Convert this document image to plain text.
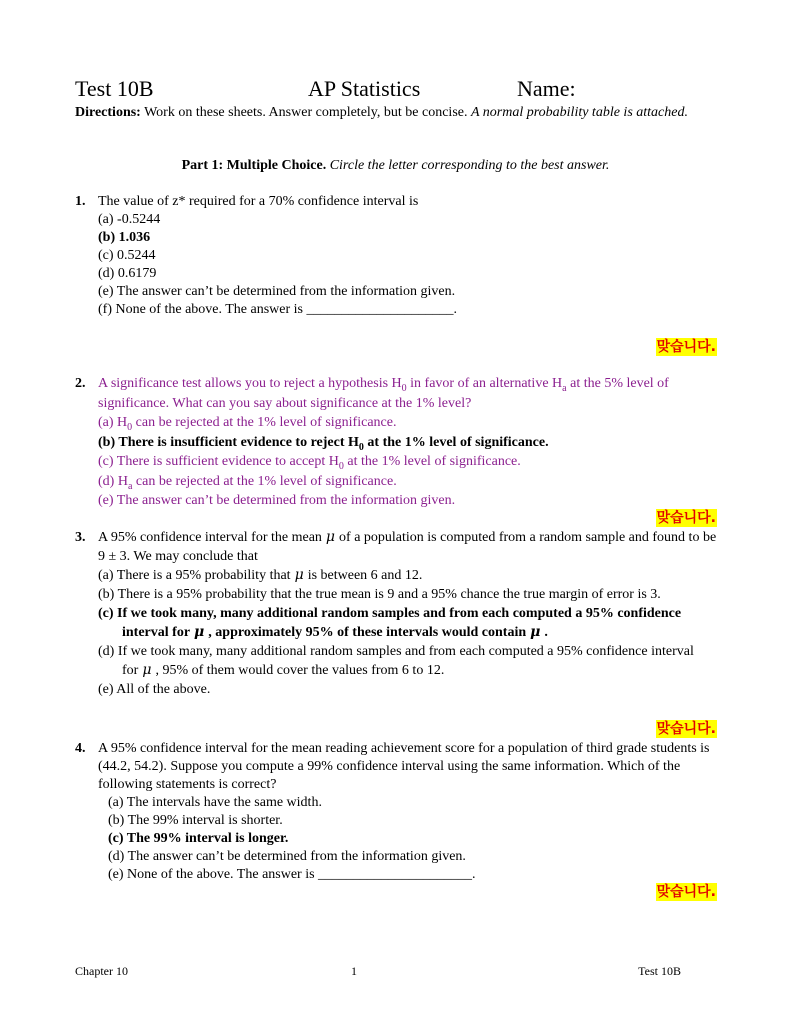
Test 10B	AP Statistics	Name:
Directions: Work on these sheets. Answer completely, but be concise. A normal probability table is attached.
Part 1: Multiple Choice. Circle the letter corresponding to the best answer.
1. The value of z* required for a 70% confidence interval is
(a) -0.5244
(b) 1.036
(c) 0.5244
(d) 0.6179
(e) The answer can’t be determined from the information given.
(f) None of the above. The answer is _____________________.
맞습니다.
2. A significance test allows you to reject a hypothesis $H_0$ in favor of an alternative $H_a$ at the 5% level of significance. What can you say about significance at the 1% level?
(a) $H_0$ can be rejected at the 1% level of significance.
(b) There is insufficient evidence to reject $H_0$ at the 1% level of significance.
(c) There is sufficient evidence to accept $H_0$ at the 1% level of significance.
(d) $H_a$ can be rejected at the 1% level of significance.
(e) The answer can’t be determined from the information given.
맞습니다.
3. A 95% confidence interval for the mean μ of a population is computed from a random sample and found to be 9 ± 3. We may conclude that
(a) There is a 95% probability that μ is between 6 and 12.
(b) There is a 95% probability that the true mean is 9 and a 95% chance the true margin of error is 3.
(c) If we took many, many additional random samples and from each computed a 95% confidence interval for μ , approximately 95% of these intervals would contain μ .
(d) If we took many, many additional random samples and from each computed a 95% confidence interval for μ , 95% of them would cover the values from 6 to 12.
(e) All of the above.
맞습니다.
4. A 95% confidence interval for the mean reading achievement score for a population of third grade students is (44.2, 54.2). Suppose you compute a 99% confidence interval using the same information. Which of the following statements is correct?
(a) The intervals have the same width.
(b) The 99% interval is shorter.
(c) The 99% interval is longer.
(d) The answer can’t be determined from the information given.
(e) None of the above. The answer is ______________________.
맞습니다.
Chapter 10	1	Test 10B
